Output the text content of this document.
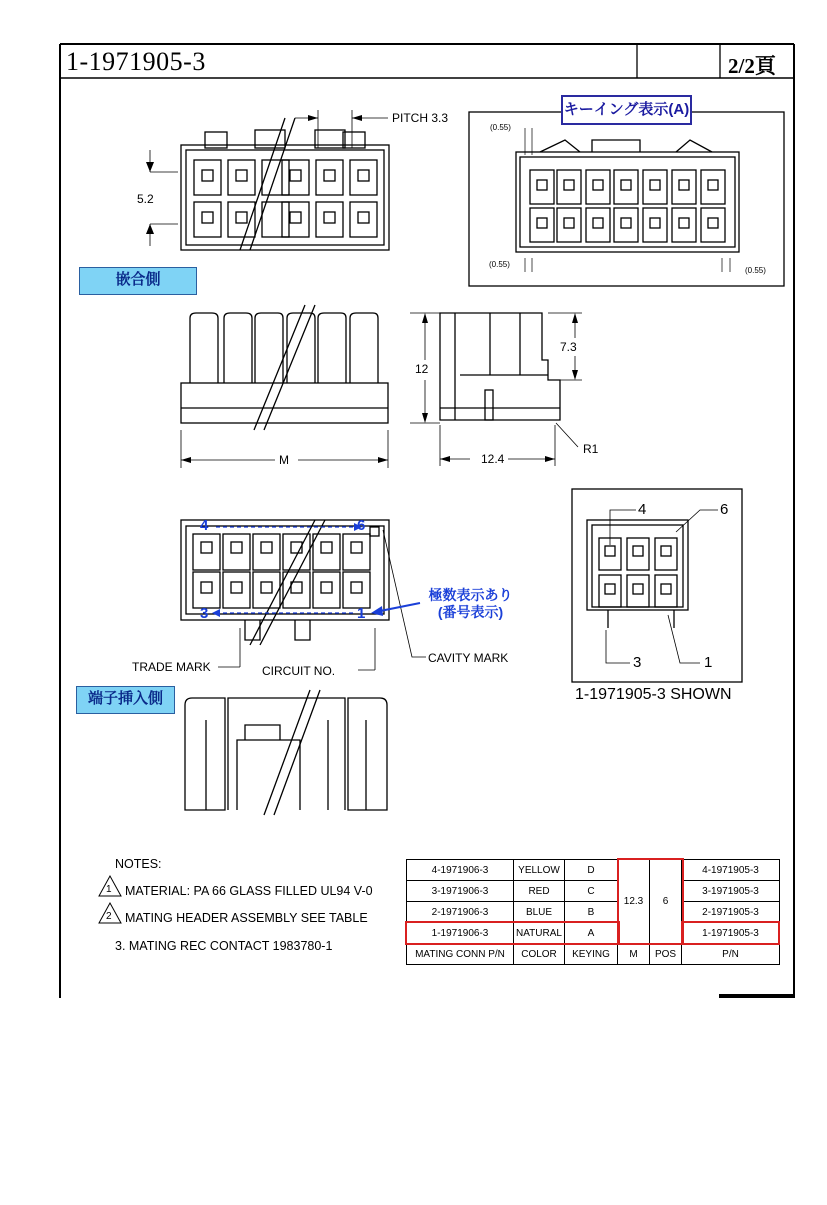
1-1971905-3	2/2頁
PITCH 3.3
5.2
キーイング表示(A)
(0.55)
(0.55)
(0.55)
嵌合側
M
12
7.3
12.4
R1
4	6
3	1
極数表示あり
(番号表示)
TRADE MARK	CIRCUIT NO.
CAVITY MARK
4	6
3	1
1-1971905-3 SHOWN
端子挿入側
NOTES:
1 MATERIAL: PA 66 GLASS FILLED UL94 V-0
2 MATING HEADER ASSEMBLY SEE TABLE
3. MATING REC CONTACT 1983780-1
4-1971906-3	YELLOW	D	12.3	6	4-1971905-3
3-1971906-3	RED	C			3-1971905-3
2-1971906-3	BLUE	B			2-1971905-3
1-1971906-3	NATURAL	A			1-1971905-3
MATING CONN P/N	COLOR	KEYING	M	POS	P/N
